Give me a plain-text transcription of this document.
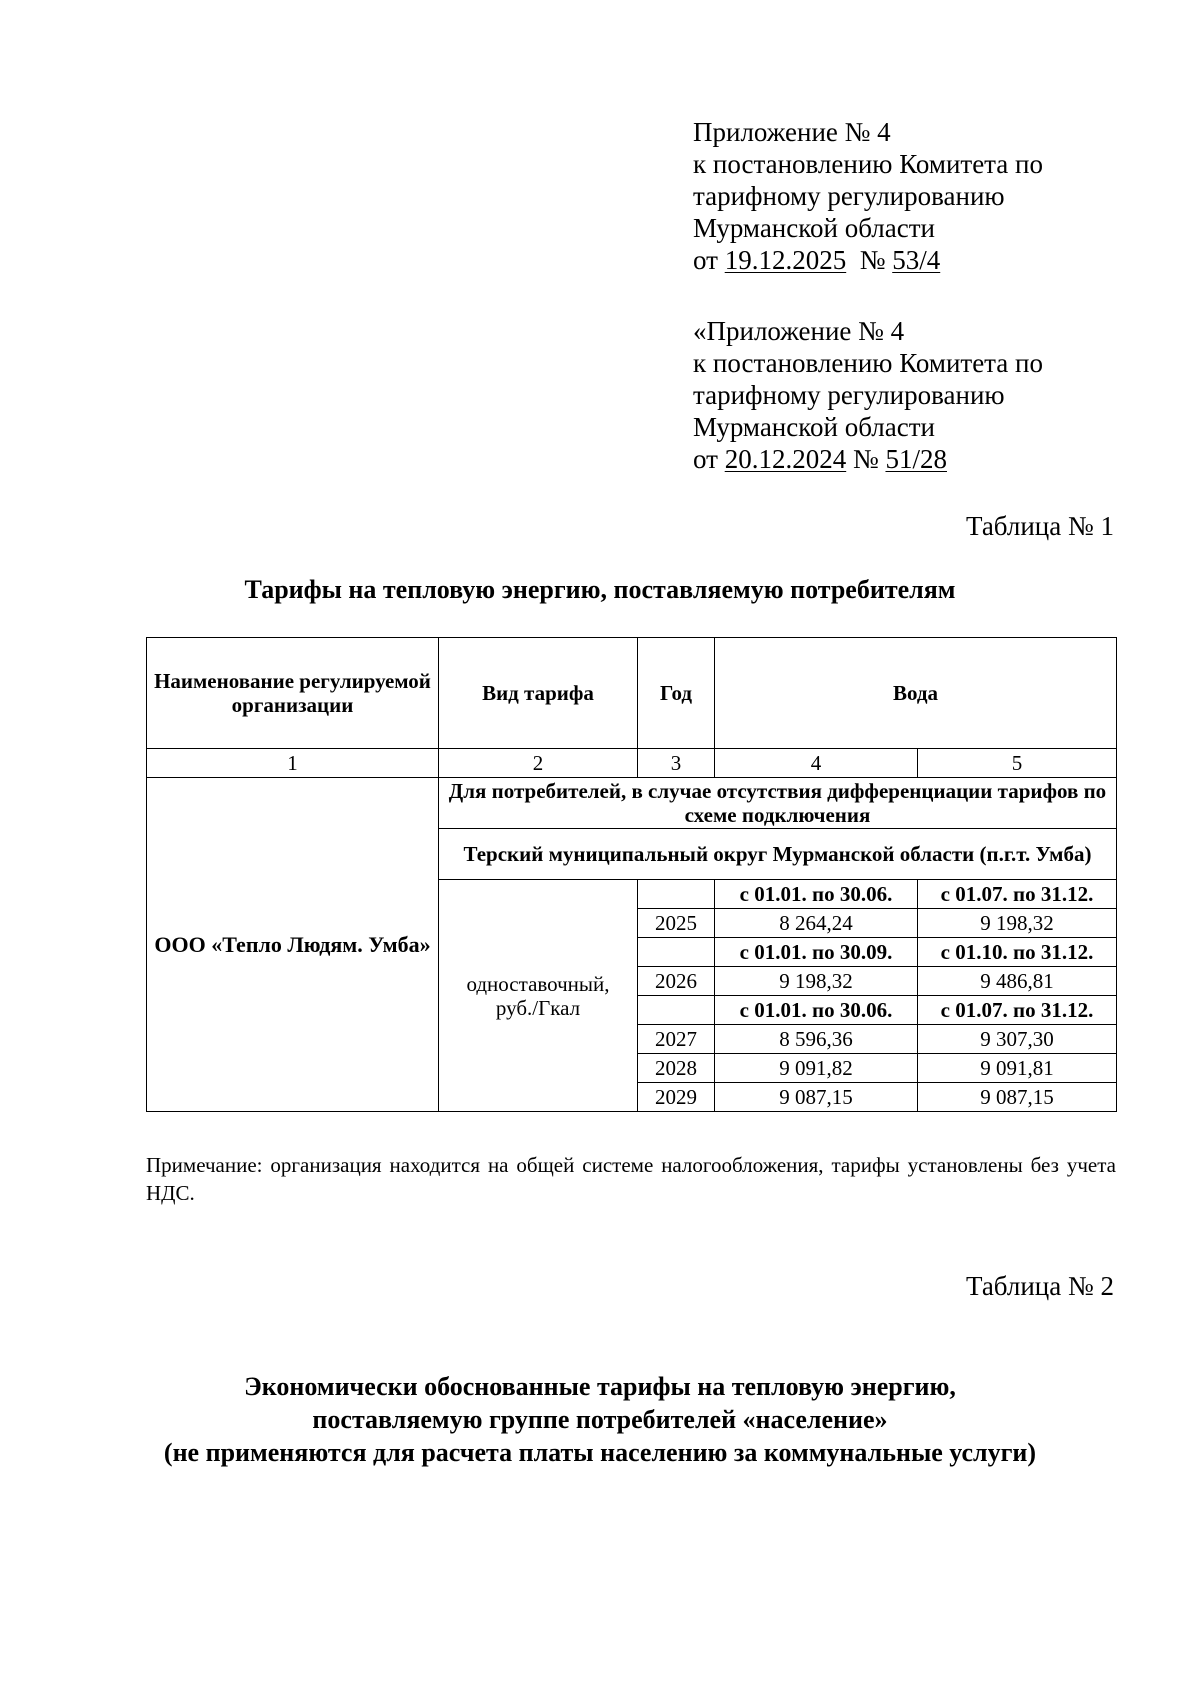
Приложение № 4
к постановлению Комитета по
тарифному регулированию
Мурманской области
от 19.12.2025 № 53/4
«Приложение № 4
к постановлению Комитета по
тарифному регулированию
Мурманской области
от 20.12.2024 № 51/28
Таблица № 1
Тарифы на тепловую энергию, поставляемую потребителям
Наименование регулируемой организации	Вид тарифа	Год	Вода	
1	2	3	4	5
ООО «Тепло Людям. Умба»	Для потребителей, в случае отсутствия дифференциации тарифов по схеме подключения			
	Терский муниципальный округ Мурманской области (п.г.т. Умба)			
	одноставочный, руб./Гкал		с 01.01. по 30.06.	с 01.07. по 31.12.
		2025	8 264,24	9 198,32
			с 01.01. по 30.09.	с 01.10. по 31.12.
		2026	9 198,32	9 486,81
			с 01.01. по 30.06.	с 01.07. по 31.12.
		2027	8 596,36	9 307,30
		2028	9 091,82	9 091,81
		2029	9 087,15	9 087,15
Примечание: организация находится на общей системе налогообложения, тарифы установлены без учета НДС.
Таблица № 2
Экономически обоснованные тарифы на тепловую энергию,
поставляемую группе потребителей «население»
(не применяются для расчета платы населению за коммунальные услуги)
